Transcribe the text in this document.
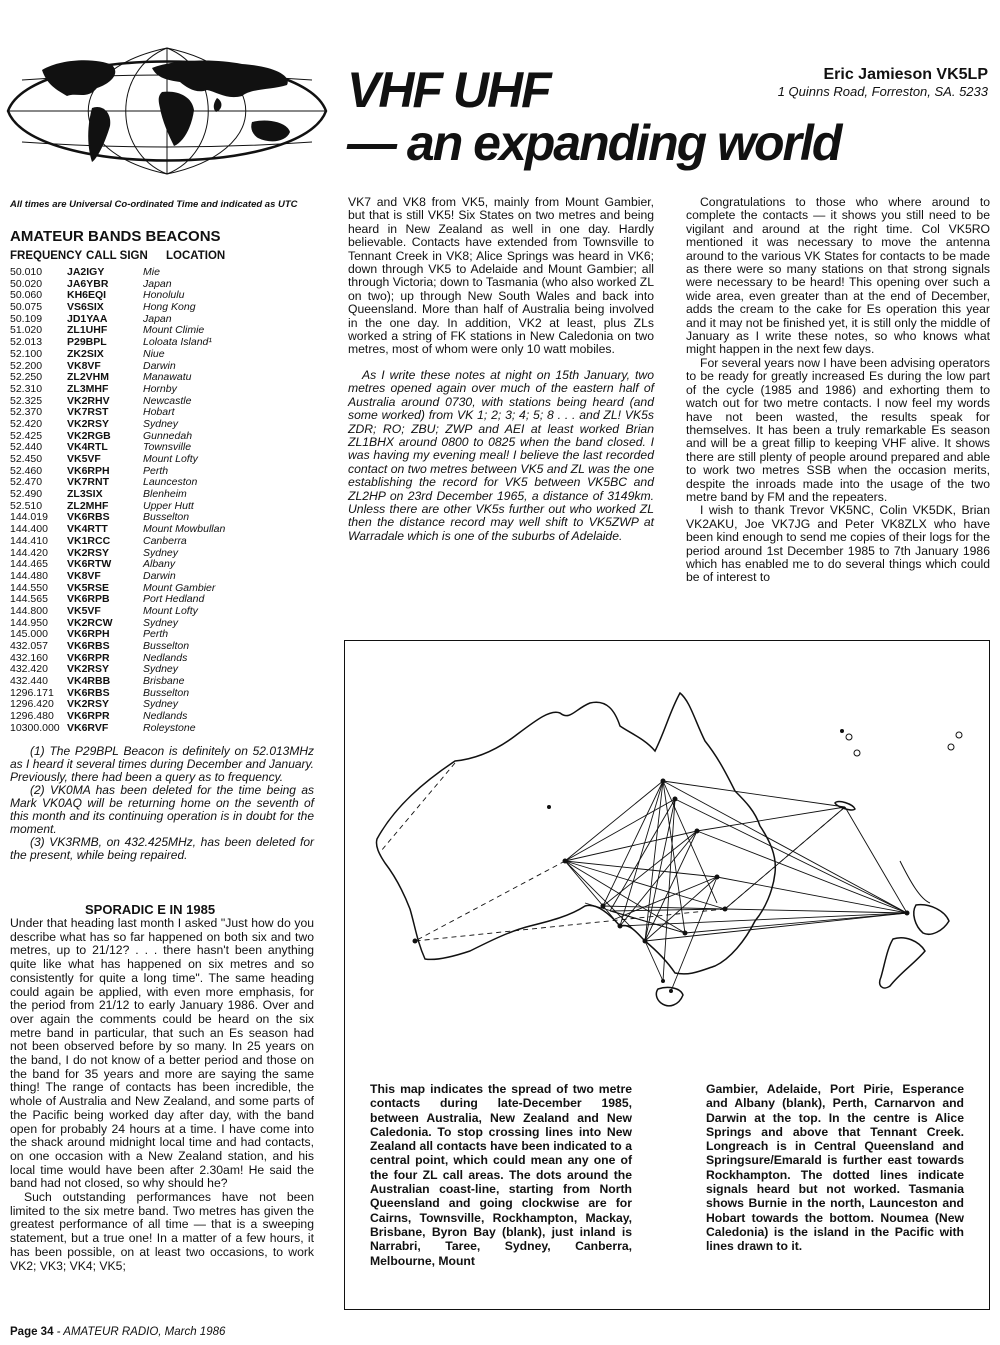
VHF UHF
— an expanding world
Eric Jamieson VK5LP
1 Quinns Road, Forreston, SA. 5233
All times are Universal Co-ordinated Time and indicated as UTC
AMATEUR BANDS BEACONS
FREQUENCY CALL SIGN LOCATION
50.010 JA2IGY	Mie
50.020 JA6YBR	Japan
50.060 KH6EQI	Honolulu
50.075 VS6SIX	Hong Kong
50.109 JD1YAA	Japan
51.020 ZL1UHF	Mount Climie
52.013 P29BPL	Loloata Island¹
52.100 ZK2SIX	Niue
52.200 VK8VF	Darwin
52.250 ZL2VHM	Manawatu
52.310 ZL3MHF	Hornby
52.325 VK2RHV	Newcastle
52.370 VK7RST	Hobart
52.420 VK2RSY	Sydney
52.425 VK2RGB	Gunnedah
52.440 VK4RTL	Townsville
52.450 VK5VF	Mount Lofty
52.460 VK6RPH	Perth
52.470 VK7RNT	Launceston
52.490 ZL3SIX	Blenheim
52.510 ZL2MHF	Upper Hutt
144.019 VK6RBS	Busselton
144.400 VK4RTT	Mount Mowbullan
144.410 VK1RCC	Canberra
144.420 VK2RSY	Sydney
144.465 VK6RTW	Albany
144.480 VK8VF	Darwin
144.550 VK5RSE	Mount Gambier
144.565 VK6RPB	Port Hedland
144.800 VK5VF	Mount Lofty
144.950 VK2RCW	Sydney
145.000 VK6RPH	Perth
432.057 VK6RBS	Busselton
432.160 VK6RPR	Nedlands
432.420 VK2RSY	Sydney
432.440 VK4RBB	Brisbane
1296.171 VK6RBS	Busselton
1296.420 VK2RSY	Sydney
1296.480 VK6RPR	Nedlands
10300.000 VK6RVF	Roleystone

(1) The P29BPL Beacon is definitely on 52.013MHz as I heard it several times during December and January. Previously, there had been a query as to frequency.

(2) VK0MA has been deleted for the time being as Mark VK0AQ will be returning home on the seventh of this month and its continuing operation is in doubt for the moment.

(3) VK3RMB, on 432.425MHz, has been deleted for the present, while being repaired.

SPORADIC E IN 1985

Under that heading last month I asked "Just how do you describe what has so far happened on both six and two metres, up to 21/12? . . . there hasn't been anything quite like what has happened on six metres and so consistently for quite a long time". The same heading could again be applied, with even more emphasis, for the period from 21/12 to early January 1986. Over and over again the comments could be heard on the six metre band in particular, that such an Es season had not been observed before by so many. In 25 years on the band, I do not know of a better period and those on the band for 35 years and more are saying the same thing! The range of contacts has been incredible, the whole of Australia and New Zealand, and some parts of the Pacific being worked day after day, with the band open for probably 24 hours at a time. I have come into the shack around midnight local time and had contacts, on one occasion with a New Zealand station, and his local time would have been after 2.30am! He said the band had not closed, so why should he?

Such outstanding performances have not been limited to the six metre band. Two metres has given the greatest performance of all time — that is a sweeping statement, but a true one! In a matter of a few hours, it has been possible, on at least two occasions, to work VK2; VK3; VK4; VK5;

VK7 and VK8 from VK5, mainly from Mount Gambier, but that is still VK5! Six States on two metres and being heard in New Zealand as well in one day. Hardly believable. Contacts have extended from Townsville to Tennant Creek in VK8; Alice Springs was heard in VK6; down through VK5 to Adelaide and Mount Gambier; all through Victoria; down to Tasmania (who also worked ZL on two); up through New South Wales and back into Queensland. More than half of Australia being involved in the one day. In addition, VK2 at least, plus ZLs worked a string of FK stations in New Caledonia on two metres, most of whom were only 10 watt mobiles.

As I write these notes at night on 15th January, two metres opened again over much of the eastern half of Australia around 0730, with stations being heard (and some worked) from VK 1; 2; 3; 4; 5; 8 . . . and ZL! VK5s ZDR; RO; ZBU; ZWP and AEI at least worked Brian ZL1BHX around 0800 to 0825 when the band closed. I was having my evening meal! I believe the last recorded contact on two metres between VK5 and ZL was the one establishing the record for VK5 between VK5BC and ZL2HP on 23rd December 1965, a distance of 3149km. Unless there are other VK5s further out who worked ZL then the distance record may well shift to VK5ZWP at Warradale which is one of the suburbs of Adelaide.

Congratulations to those who where around to complete the contacts — it shows you still need to be vigilant and around at the right time. Col VK5RO mentioned it was necessary to move the antenna around to the various VK States for contacts to be made as there were so many stations on that strong signals were necessary to be heard! This opening over such a wide area, even greater than at the end of December, adds the cream to the cake for Es operation this year and it may not be finished yet, it is still only the middle of January as I write these notes, so who knows what might happen in the next few days.

For several years now I have been advising operators to be ready for greatly increased Es during the low part of the cycle (1985 and 1986) and exhorting them to watch out for two metre contacts. I now feel my words have not been wasted, the results speak for themselves. It has been a truly remarkable Es season and will be a great fillip to keeping VHF alive. It shows there are still plenty of people around prepared and able to work two metres SSB when the occasion merits, despite the inroads made into the usage of the two metre band by FM and the repeaters.

I wish to thank Trevor VK5NC, Colin VK5DK, Brian VK2AKU, Joe VK7JG and Peter VK8ZLX who have been kind enough to send me copies of their logs for the period around 1st December 1985 to 7th January 1986 which has enabled me to do several things which could be of interest to

This map indicates the spread of two metre contacts during late-December 1985, between Australia, New Zealand and New Caledonia. To stop crossing lines into New Zealand all contacts have been indicated to a central point, which could mean any one of the four ZL call areas. The dots around the Australian coast-line, starting from North Queensland and going clockwise are for Cairns, Townsville, Rockhampton, Mackay, Brisbane, Byron Bay (blank), just inland is Narrabri, Taree, Sydney, Canberra, Melbourne, Mount
Gambier, Adelaide, Port Pirie, Esperance and Albany (blank), Perth, Carnarvon and Darwin at the top. In the centre is Alice Springs and above that Tennant Creek. Longreach is in Central Queensland and Springsure/Emarald is further east towards Rockhampton. The dotted lines indicate signals heard but not worked. Tasmania shows Burnie in the north, Launceston and Hobart towards the bottom. Noumea (New Caledonia) is the island in the Pacific with lines drawn to it.
Page 34 - AMATEUR RADIO, March 1986
